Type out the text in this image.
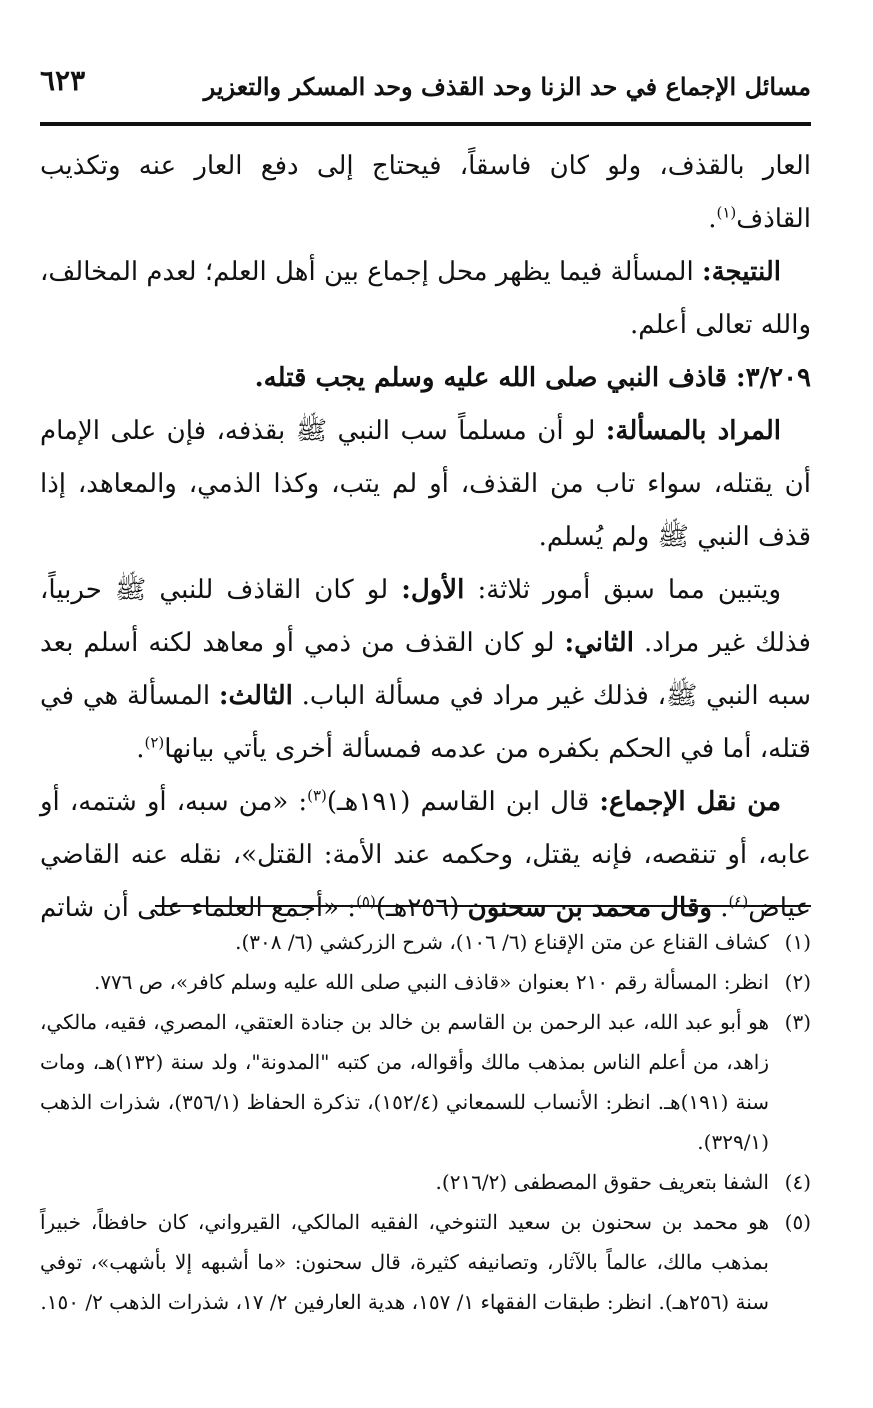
مسائل الإجماع في حد الزنا وحد القذف وحد المسكر والتعزير
٦٢٣

العار بالقذف، ولو كان فاسقاً، فيحتاج إلى دفع العار عنه وتكذيب القاذف$^{(١)}$.

النتيجة: المسألة فيما يظهر محل إجماع بين أهل العلم؛ لعدم المخالف، والله تعالى أعلم.

٣/٢٠٩: قاذف النبي صلى الله عليه وسلم يجب قتله.

المراد بالمسألة: لو أن مسلماً سب النبي ﷺ بقذفه، فإن على الإمام أن يقتله، سواء تاب من القذف، أو لم يتب، وكذا الذمي، والمعاهد، إذا قذف النبي ﷺ ولم يُسلم.

ويتبين مما سبق أمور ثلاثة: الأول: لو كان القاذف للنبي ﷺ حربياً، فذلك غير مراد. الثاني: لو كان القذف من ذمي أو معاهد لكنه أسلم بعد سبه النبي ﷺ، فذلك غير مراد في مسألة الباب. الثالث: المسألة هي في قتله، أما في الحكم بكفره من عدمه فمسألة أخرى يأتي بيانها$^{(٢)}$.

من نقل الإجماع: قال ابن القاسم (١٩١هـ)$^{(٣)}$: «من سبه، أو شتمه، أو عابه، أو تنقصه، فإنه يقتل، وحكمه عند الأمة: القتل»، نقله عنه القاضي عياض$^{(٤)}$. وقال محمد بن سحنون (٢٥٦هـ)$^{(٥)}$: «أجمع العلماء على أن شاتم

(١)
كشاف القناع عن متن الإقناع (٦/ ١٠٦)، شرح الزركشي (٦/ ٣٠٨).

(٢)
انظر: المسألة رقم ٢١٠ بعنوان «قاذف النبي صلى الله عليه وسلم كافر»، ص ٧٧٦.

(٣)
هو أبو عبد الله، عبد الرحمن بن القاسم بن خالد بن جنادة العتقي، المصري، فقيه، مالكي، زاهد، من أعلم الناس بمذهب مالك وأقواله، من كتبه "المدونة"، ولد سنة (١٣٢)هـ، ومات سنة (١٩١)هـ. انظر: الأنساب للسمعاني (١٥٢/٤)، تذكرة الحفاظ (٣٥٦/١)، شذرات الذهب (٣٢٩/١).

(٤)
الشفا بتعريف حقوق المصطفى (٢١٦/٢).

(٥)
هو محمد بن سحنون بن سعيد التنوخي، الفقيه المالكي، القيرواني، كان حافظاً، خبيراً بمذهب مالك، عالماً بالآثار، وتصانيفه كثيرة، قال سحنون: «ما أشبهه إلا بأشهب»، توفي سنة (٢٥٦هـ). انظر: طبقات الفقهاء ١/ ١٥٧، هدية العارفين ٢/ ١٧، شذرات الذهب ٢/ ١٥٠.
